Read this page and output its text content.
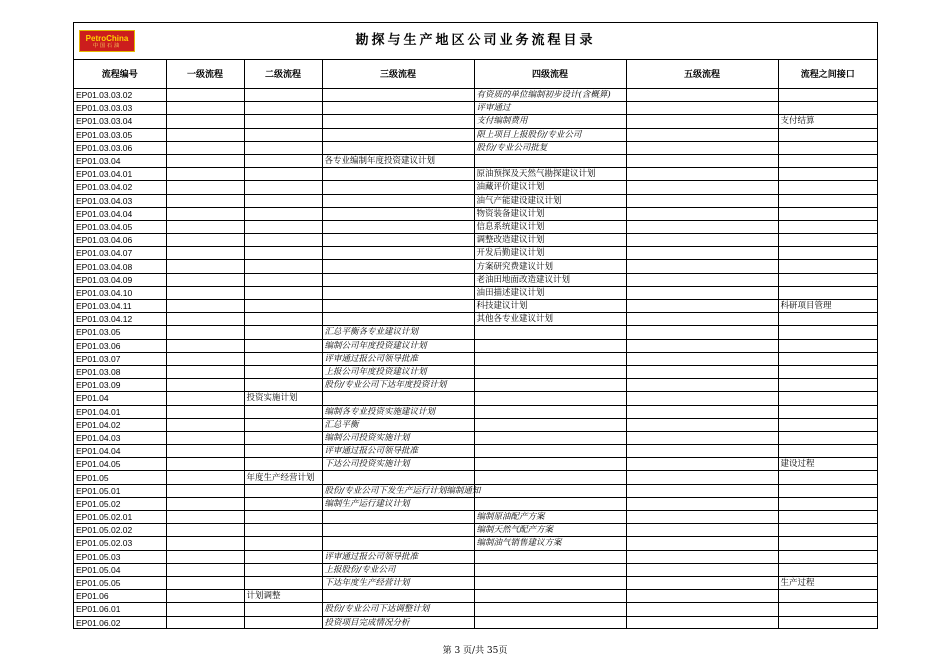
PetroChina
中国石油	勘探与生产地区公司业务流程目录
流程编号	一级流程	二级流程	三级流程	四级流程	五级流程	流程之间接口
EP01.03.03.02				有资质的单位编制初步设计(含概算)		
EP01.03.03.03				评审通过		
EP01.03.03.04				支付编制费用		支付结算
EP01.03.03.05				限上项目上报股份/专业公司		
EP01.03.03.06				股份/专业公司批复		
EP01.03.04			各专业编制年度投资建议计划			
EP01.03.04.01				原油预探及天然气勘探建议计划		
EP01.03.04.02				油藏评价建议计划		
EP01.03.04.03				油气产能建设建议计划		
EP01.03.04.04				物资装备建议计划		
EP01.03.04.05				信息系统建议计划		
EP01.03.04.06				调整改造建议计划		
EP01.03.04.07				开发后勤建议计划		
EP01.03.04.08				方案研究费建议计划		
EP01.03.04.09				老油田地面改造建议计划		
EP01.03.04.10				油田描述建议计划		
EP01.03.04.11				科技建议计划		科研项目管理
EP01.03.04.12				其他各专业建议计划		
EP01.03.05			汇总平衡各专业建议计划			
EP01.03.06			编制公司年度投资建议计划			
EP01.03.07			评审通过报公司领导批准			
EP01.03.08			上报公司年度投资建议计划			
EP01.03.09			股份/专业公司下达年度投资计划			
EP01.04		投资实施计划				
EP01.04.01			编制各专业投资实施建议计划			
EP01.04.02			汇总平衡			
EP01.04.03			编制公司投资实施计划			
EP01.04.04			评审通过报公司领导批准			
EP01.04.05			下达公司投资实施计划			建设过程
EP01.05		年度生产经营计划				
EP01.05.01			股份/专业公司下发生产运行计划编制通知			
EP01.05.02			编制生产运行建议计划			
EP01.05.02.01				编制原油配产方案		
EP01.05.02.02				编制天然气配产方案		
EP01.05.02.03				编制油气销售建议方案		
EP01.05.03			评审通过报公司领导批准			
EP01.05.04			上报股份/专业公司			
EP01.05.05			下达年度生产经营计划			生产过程
EP01.06		计划调整				
EP01.06.01			股份/专业公司下达调整计划			
EP01.06.02			投资项目完成情况分析			
第 3 页/共 35页
